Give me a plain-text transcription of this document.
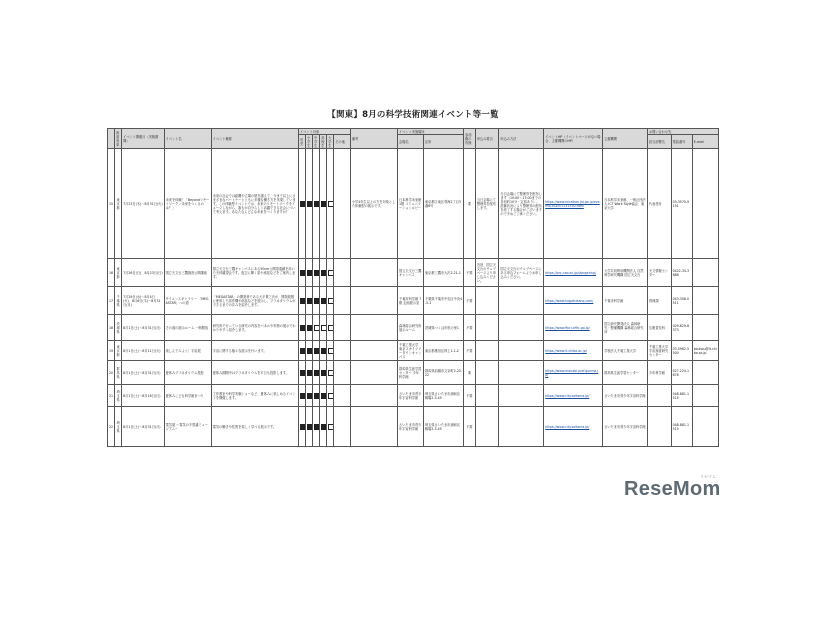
【関東】8月の科学技術関連イベント等一覧
	都道府県	イベント開催日（実施期間）	イベント名	イベント概要	イベント対象						備考	イベント実施場所		参加費の有無	申込み要否	申込み方法	イベントHP（イベントページがない場合、主催機関のHP）	主催機関	お問い合わせ先		
					幼児	小学生	中学生	高校生	大学生	その他		会場名	住所						担当部署名	電話番号	E-mail
15	東京都	7月23日(木)～8月31日(火)	未来を体験！「Beyondリモートワーク／未来をつくるのは？」	未来の社会では距離や立場の壁を越えて、今まで以上にさまざまなパートナーとともに多様な働き方を実現しています。この体験型イベントでは、未来のリモートワークをイメージしながら、誰もが自分らしく活躍できる社会について考えます。あなたならどんな未来をつくりますか？							小学4年生以上の方を対象とした体験型の展示です。	日本科学未来館 1階 コミュニケーションロビー	東京都江東区青海2丁目3番6号	要	当日会場にて整理券を配布します。	当日会場にて整理券を配布します（10:00～17:00までの各回約10分・定員あり）。混雑状況により整理券の配布を終了する場合がございますので予めご了承ください。	https://www.miraikan.jst.go.jp/events/202007231530.html	日本科学未来館、一般社団法人 ICT Work Style協会、東京大学	代表受付	03-3570-9151	
16	東京都	7月26日(日)、8月23日(日)	国立天文台三鷹施設公開講座	国立天文台三鷹キャンパスにある50cm公開望遠鏡を用いた天体観望会です。夜空に輝く星や惑星などをご案内します。								国立天文台三鷹キャンパス	東京都三鷹市大沢2-21-1	不要	各回、国立天文台のウェブページより申し込みください。	国立天文台のウェブページにある申込フォームよりお申し込みください。	https://prc.nao.ac.jp/stargazing/	大学共同利用機関法人 自然科学研究機構 国立天文台	天文情報センター	0422-34-3688	
17	千葉県	7月29日(水)～8月4日(火)、8月6日(木)～8月31日(月)	サイエンスギャラリー 「MEGASTAR」への道	「MEGASTAR」の開発者である大平貴之氏が、開発段階に使用した試作機や部品などを展示し、プラネタリウムができるまでの歩みを紹介します。								千葉市科学館 7階 企画展示室	千葉県千葉市中央区中央4-5-1	不要			https://www.kagakukanq.com/	千葉市科学館	管理課	043-308-0511	
18	茨城県	8月1日(土)～8月31日(月)	その道の展示ルーム 一般開放	研究所で行っている研究の内容をパネルや実物の展示でわかりやすく紹介します。								森林総合研究所 展示ルーム	茨城県つくば市松の里1	不要			https://www.ffpri.affrc.go.jp/	国立研究開発法人 森林研究・整備機構 森林総合研究所	広報普及科	029-829-8373	
19	東京都	8月1日(土)～8月11日(火)	楽しんでみよう！宇宙展	宇宙に関する様々な展示を行います。								千葉工業大学 東京スカイツリータウンキャンパス	東京都墨田区押上1-1-2	不要			https://www.it-chiba.ac.jp/	学校法人千葉工業大学	千葉工業大学 宇宙探査研究センター	03-5962-5500	kouhou@it-chiba.ac.jp
20	群馬県	8月1日(土)～8月31日(月)	夏休みプラネタリウム投影	夏休み期間中はプラネタリウムを平日も投影します。								群馬県生涯学習センター 少年科学館	群馬県前橋市文京町2-20-22	要			https://www.manabi.pref.gunma.jp/	群馬県生涯学習センター	少年科学館	027-224-1878	
21	埼玉県	8月1日(土)～8月16日(日)	夏休みこども科学館まつり	工作教室や科学実験ショーなど、夏休みに楽しめるイベントを開催します。								さいたま市青少年宇宙科学館	埼玉県さいたま市浦和区駒場2-3-45	不要			https://www.city.saitama.jp/	さいたま市青少年宇宙科学館		048-881-1515	
22	埼玉県	8月1日(土)～8月31日(月)	電気展 ～電気の不思議ミュージアム～	電気の働きや性質を楽しく学べる展示です。								さいたま市青少年宇宙科学館	埼玉県さいたま市浦和区駒場2-3-45	不要			https://www.city.saitama.jp/	さいたま市青少年宇宙科学館		048-881-1515	
ReseMom
リセマム
